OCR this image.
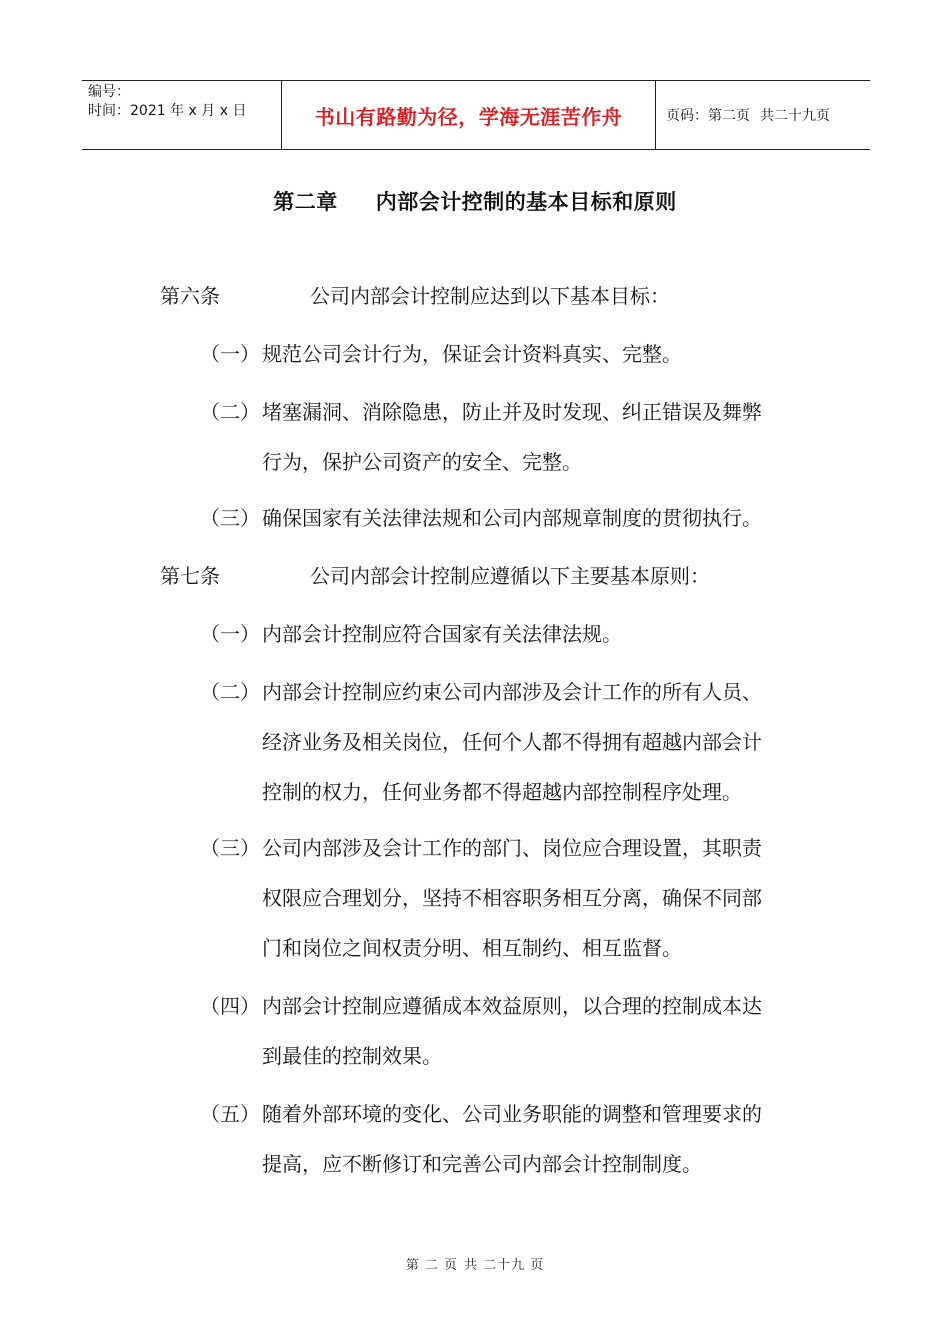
编号：
时间：2021 年 x 月 x 日	书山有路勤为径，学海无涯苦作舟	页码：第二页 共二十九页
第二章 内部会计控制的基本目标和原则
第六条	公司内部会计控制应达到以下基本目标：
（一） 规范公司会计行为，保证会计资料真实、完整。
（二） 堵塞漏洞、消除隐患，防止并及时发现、纠正错误及舞弊
行为，保护公司资产的安全、完整。
（三） 确保国家有关法律法规和公司内部规章制度的贯彻执行。
第七条	公司内部会计控制应遵循以下主要基本原则：
（一） 内部会计控制应符合国家有关法律法规。
（二） 内部会计控制应约束公司内部涉及会计工作的所有人员、
经济业务及相关岗位，任何个人都不得拥有超越内部会计
控制的权力，任何业务都不得超越内部控制程序处理。
（三） 公司内部涉及会计工作的部门、岗位应合理设置，其职责
权限应合理划分，坚持不相容职务相互分离，确保不同部
门和岗位之间权责分明、相互制约、相互监督。
（四） 内部会计控制应遵循成本效益原则，以合理的控制成本达
到最佳的控制效果。
（五） 随着外部环境的变化、公司业务职能的调整和管理要求的
提高，应不断修订和完善公司内部会计控制制度。
第 二 页 共 二十九 页
